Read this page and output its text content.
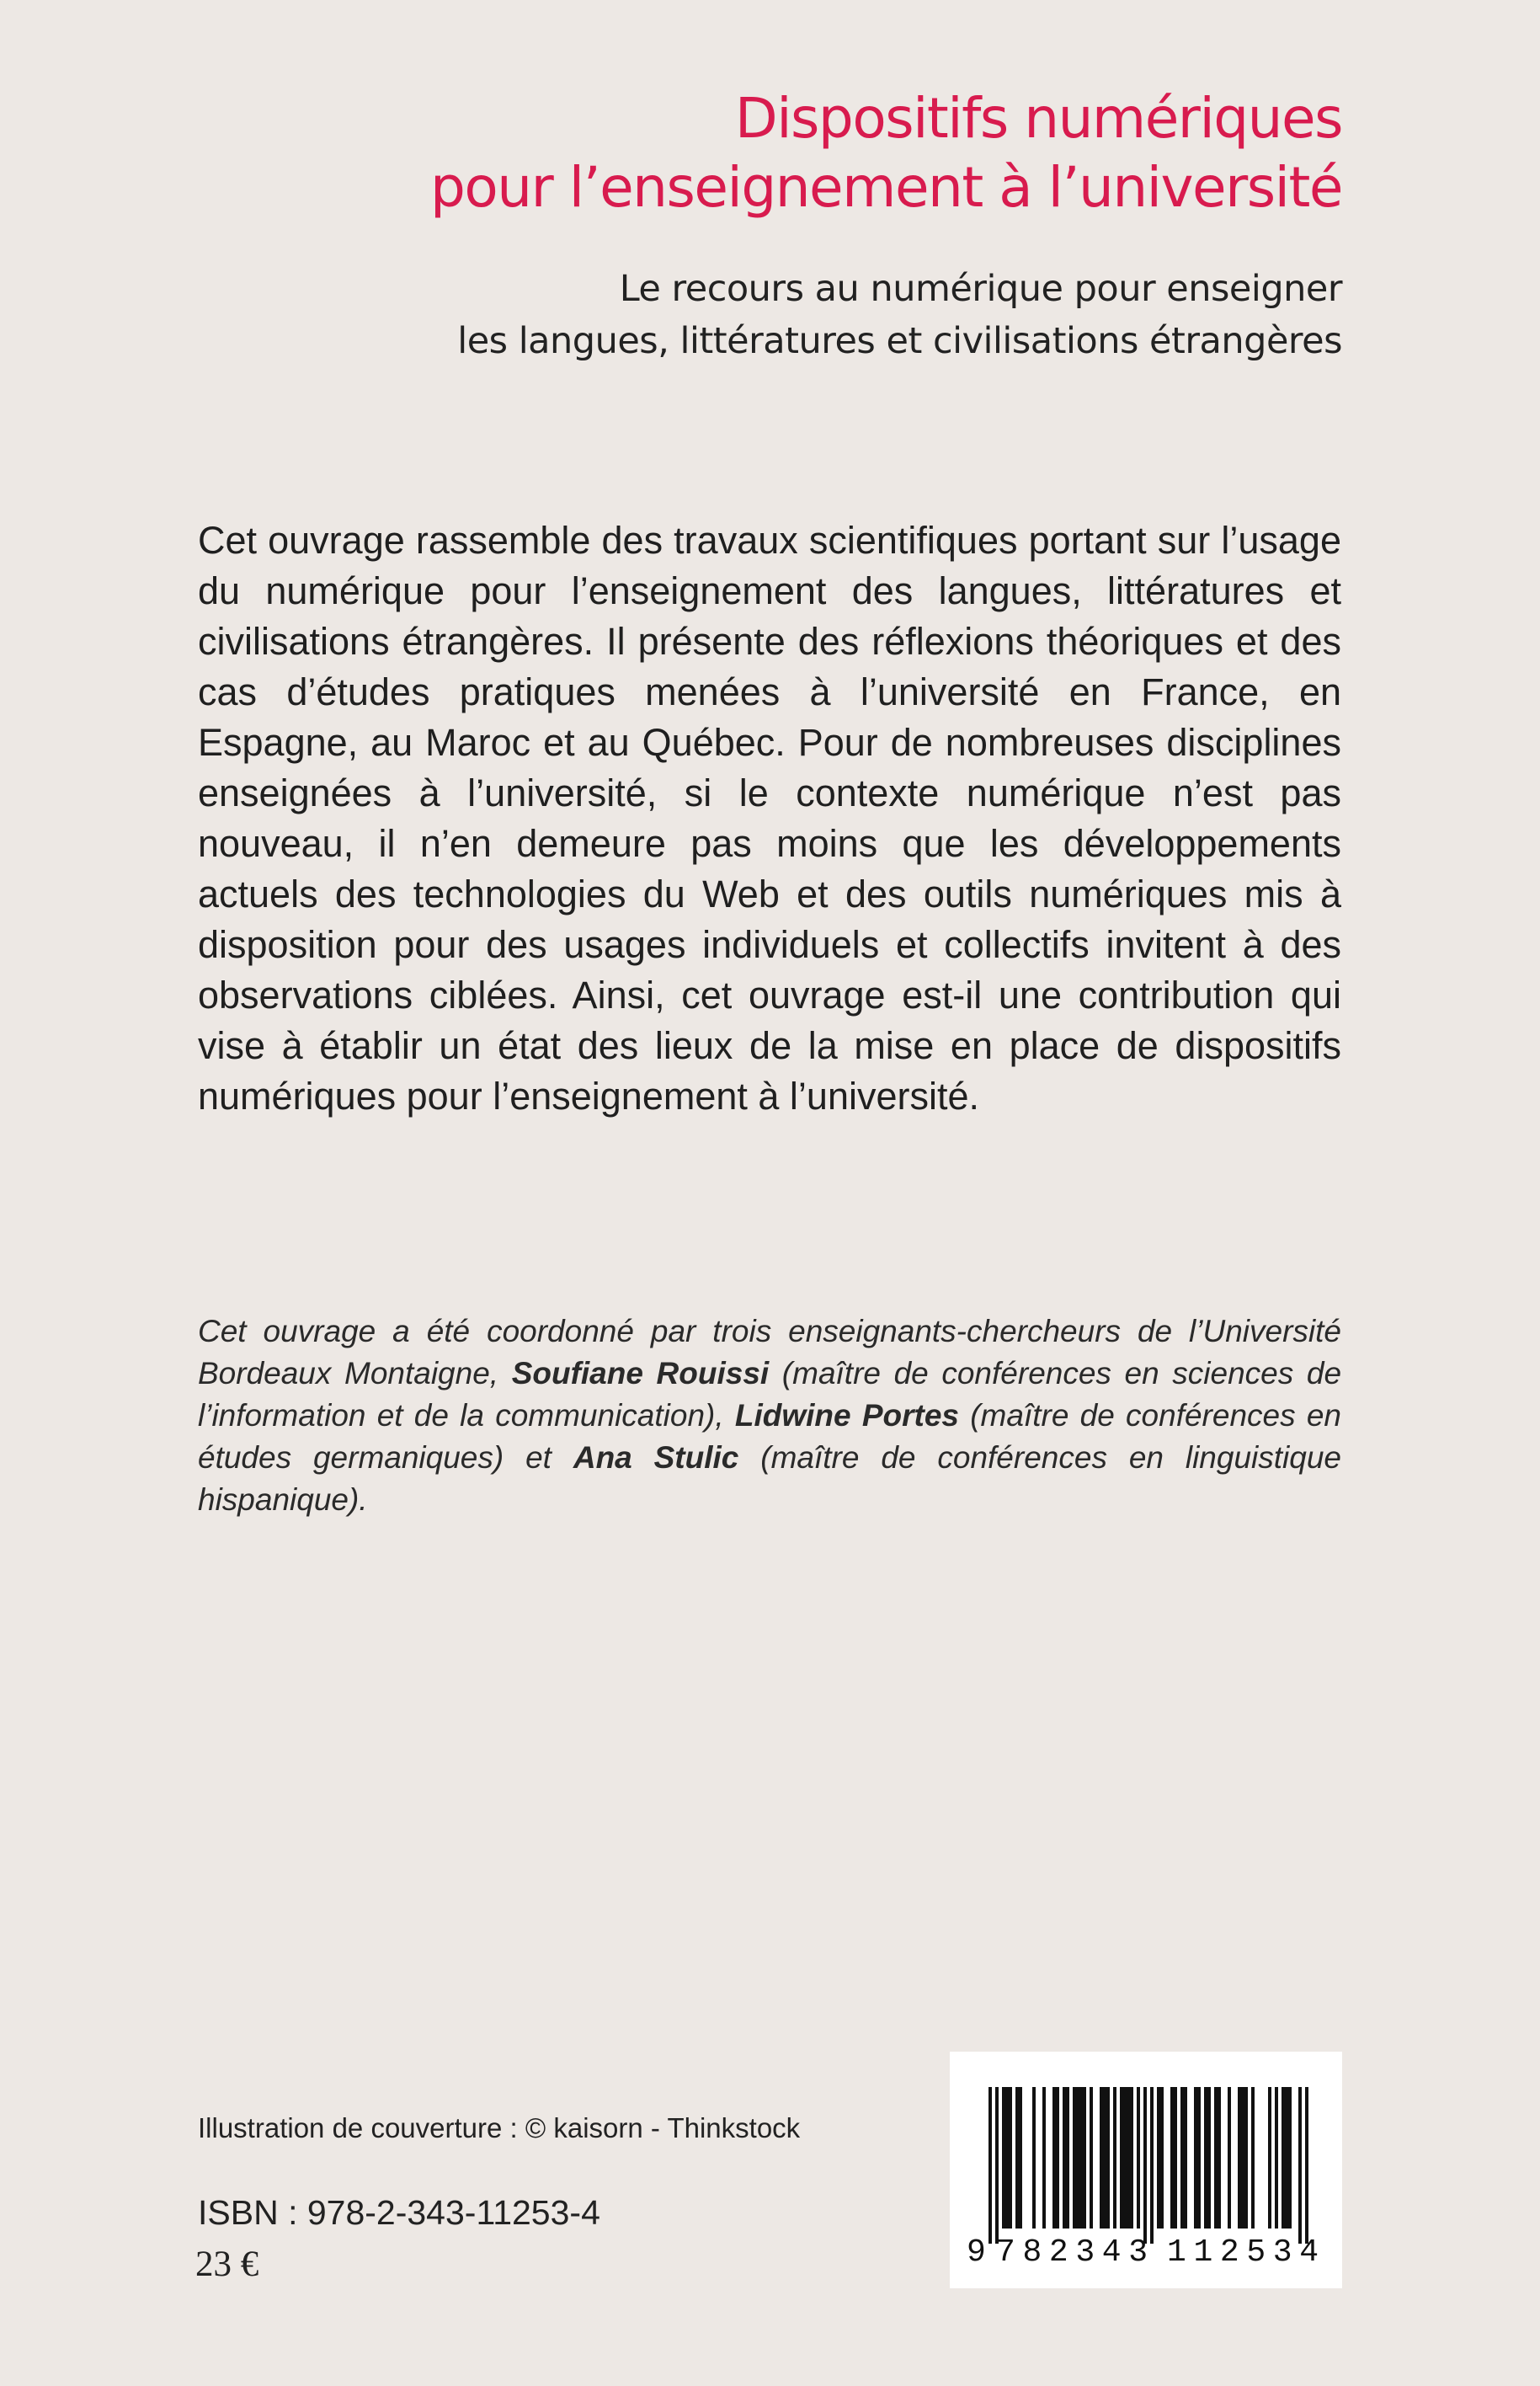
Dispositifs numériques
pour l’enseignement à l’université
Le recours au numérique pour enseigner
les langues, littératures et civilisations étrangères

Cet ouvrage rassemble des travaux scientifiques portant sur l’usage du numérique pour l’enseignement des langues, littératures et civilisations étrangères. Il présente des réflexions théoriques et des cas d’études pratiques menées à l’université en France, en Espagne, au Maroc et au Québec. Pour de nombreuses disciplines enseignées à l’université, si le contexte numérique n’est pas nouveau, il n’en demeure pas moins que les développements actuels des technologies du Web et des outils numériques mis à disposition pour des usages individuels et collectifs invitent à des observations ciblées. Ainsi, cet ouvrage est-il une contribution qui vise à établir un état des lieux de la mise en place de dispositifs numériques pour l’enseignement à l’université.

Cet ouvrage a été coordonné par trois enseignants-chercheurs de l’Université Bordeaux Montaigne, Soufiane Rouissi (maître de conférences en sciences de l’information et de la communication), Lidwine Portes (maître de conférences en études germaniques) et Ana Stulic (maître de conférences en linguistique hispanique).

Illustration de couverture : © kaisorn - Thinkstock
ISBN : 978-2-343-11253-4
23 €	9 782343 112534
